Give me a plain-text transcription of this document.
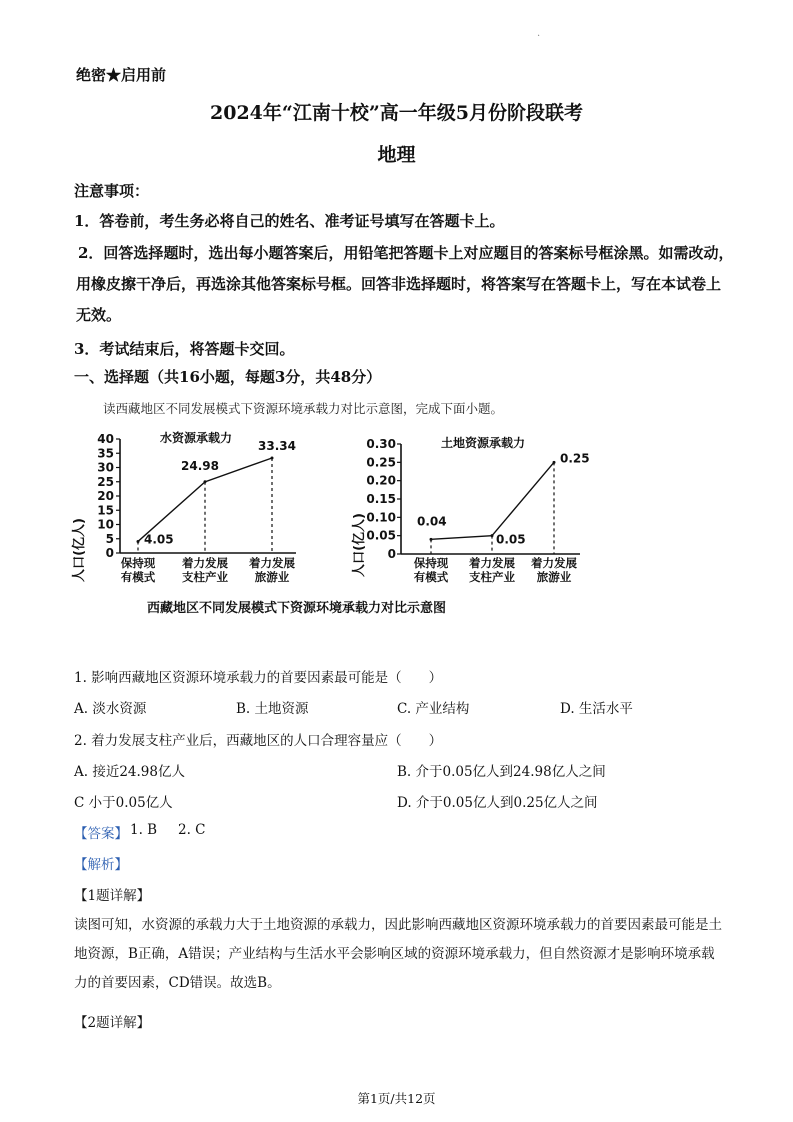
.
绝密★启用前
2024年“江南十校”高一年级5月份阶段联考
地理
注意事项：
1．答卷前，考生务必将自己的姓名、准考证号填写在答题卡上。
2．回答选择题时，选出每小题答案后，用铅笔把答题卡上对应题目的答案标号框涂黑。如需改动，用橡皮擦干净后，再选涂其他答案标号框。回答非选择题时，将答案写在答题卡上，写在本试卷上无效。
3．考试结束后，将答题卡交回。
一、选择题（共16小题，每题3分，共48分）
读西藏地区不同发展模式下资源环境承载力对比示意图，完成下面小题。
水资源承载力
人口(亿人) 0
5
10
15
20
25
30
35
40
4.05
保持现
有模式
24.98
着力发展
支柱产业
33.34
着力发展
旅游业
土地资源承载力
人口(亿人) 0
0.05
0.10
0.15
0.20
0.25
0.30
0.04
保持现
有模式
0.05
着力发展
支柱产业
0.25
着力发展
旅游业
西藏地区不同发展模式下资源环境承载力对比示意图
1. 影响西藏地区资源环境承载力的首要因素最可能是（　　）
A. 淡水资源	B. 土地资源	C. 产业结构	D. 生活水平
2. 着力发展支柱产业后，西藏地区的人口合理容量应（　　）
A. 接近24.98亿人	B. 介于0.05亿人到24.98亿人之间
C 小于0.05亿人	D. 介于0.05亿人到0.25亿人之间
【答案】 1. B 2. C
【解析】
【1题详解】
读图可知，水资源的承载力大于土地资源的承载力，因此影响西藏地区资源环境承载力的首要因素最可能是土地资源，B正确，A错误；产业结构与生活水平会影响区域的资源环境承载力，但自然资源才是影响环境承载力的首要因素，CD错误。故选B。
【2题详解】
第1页/共12页
